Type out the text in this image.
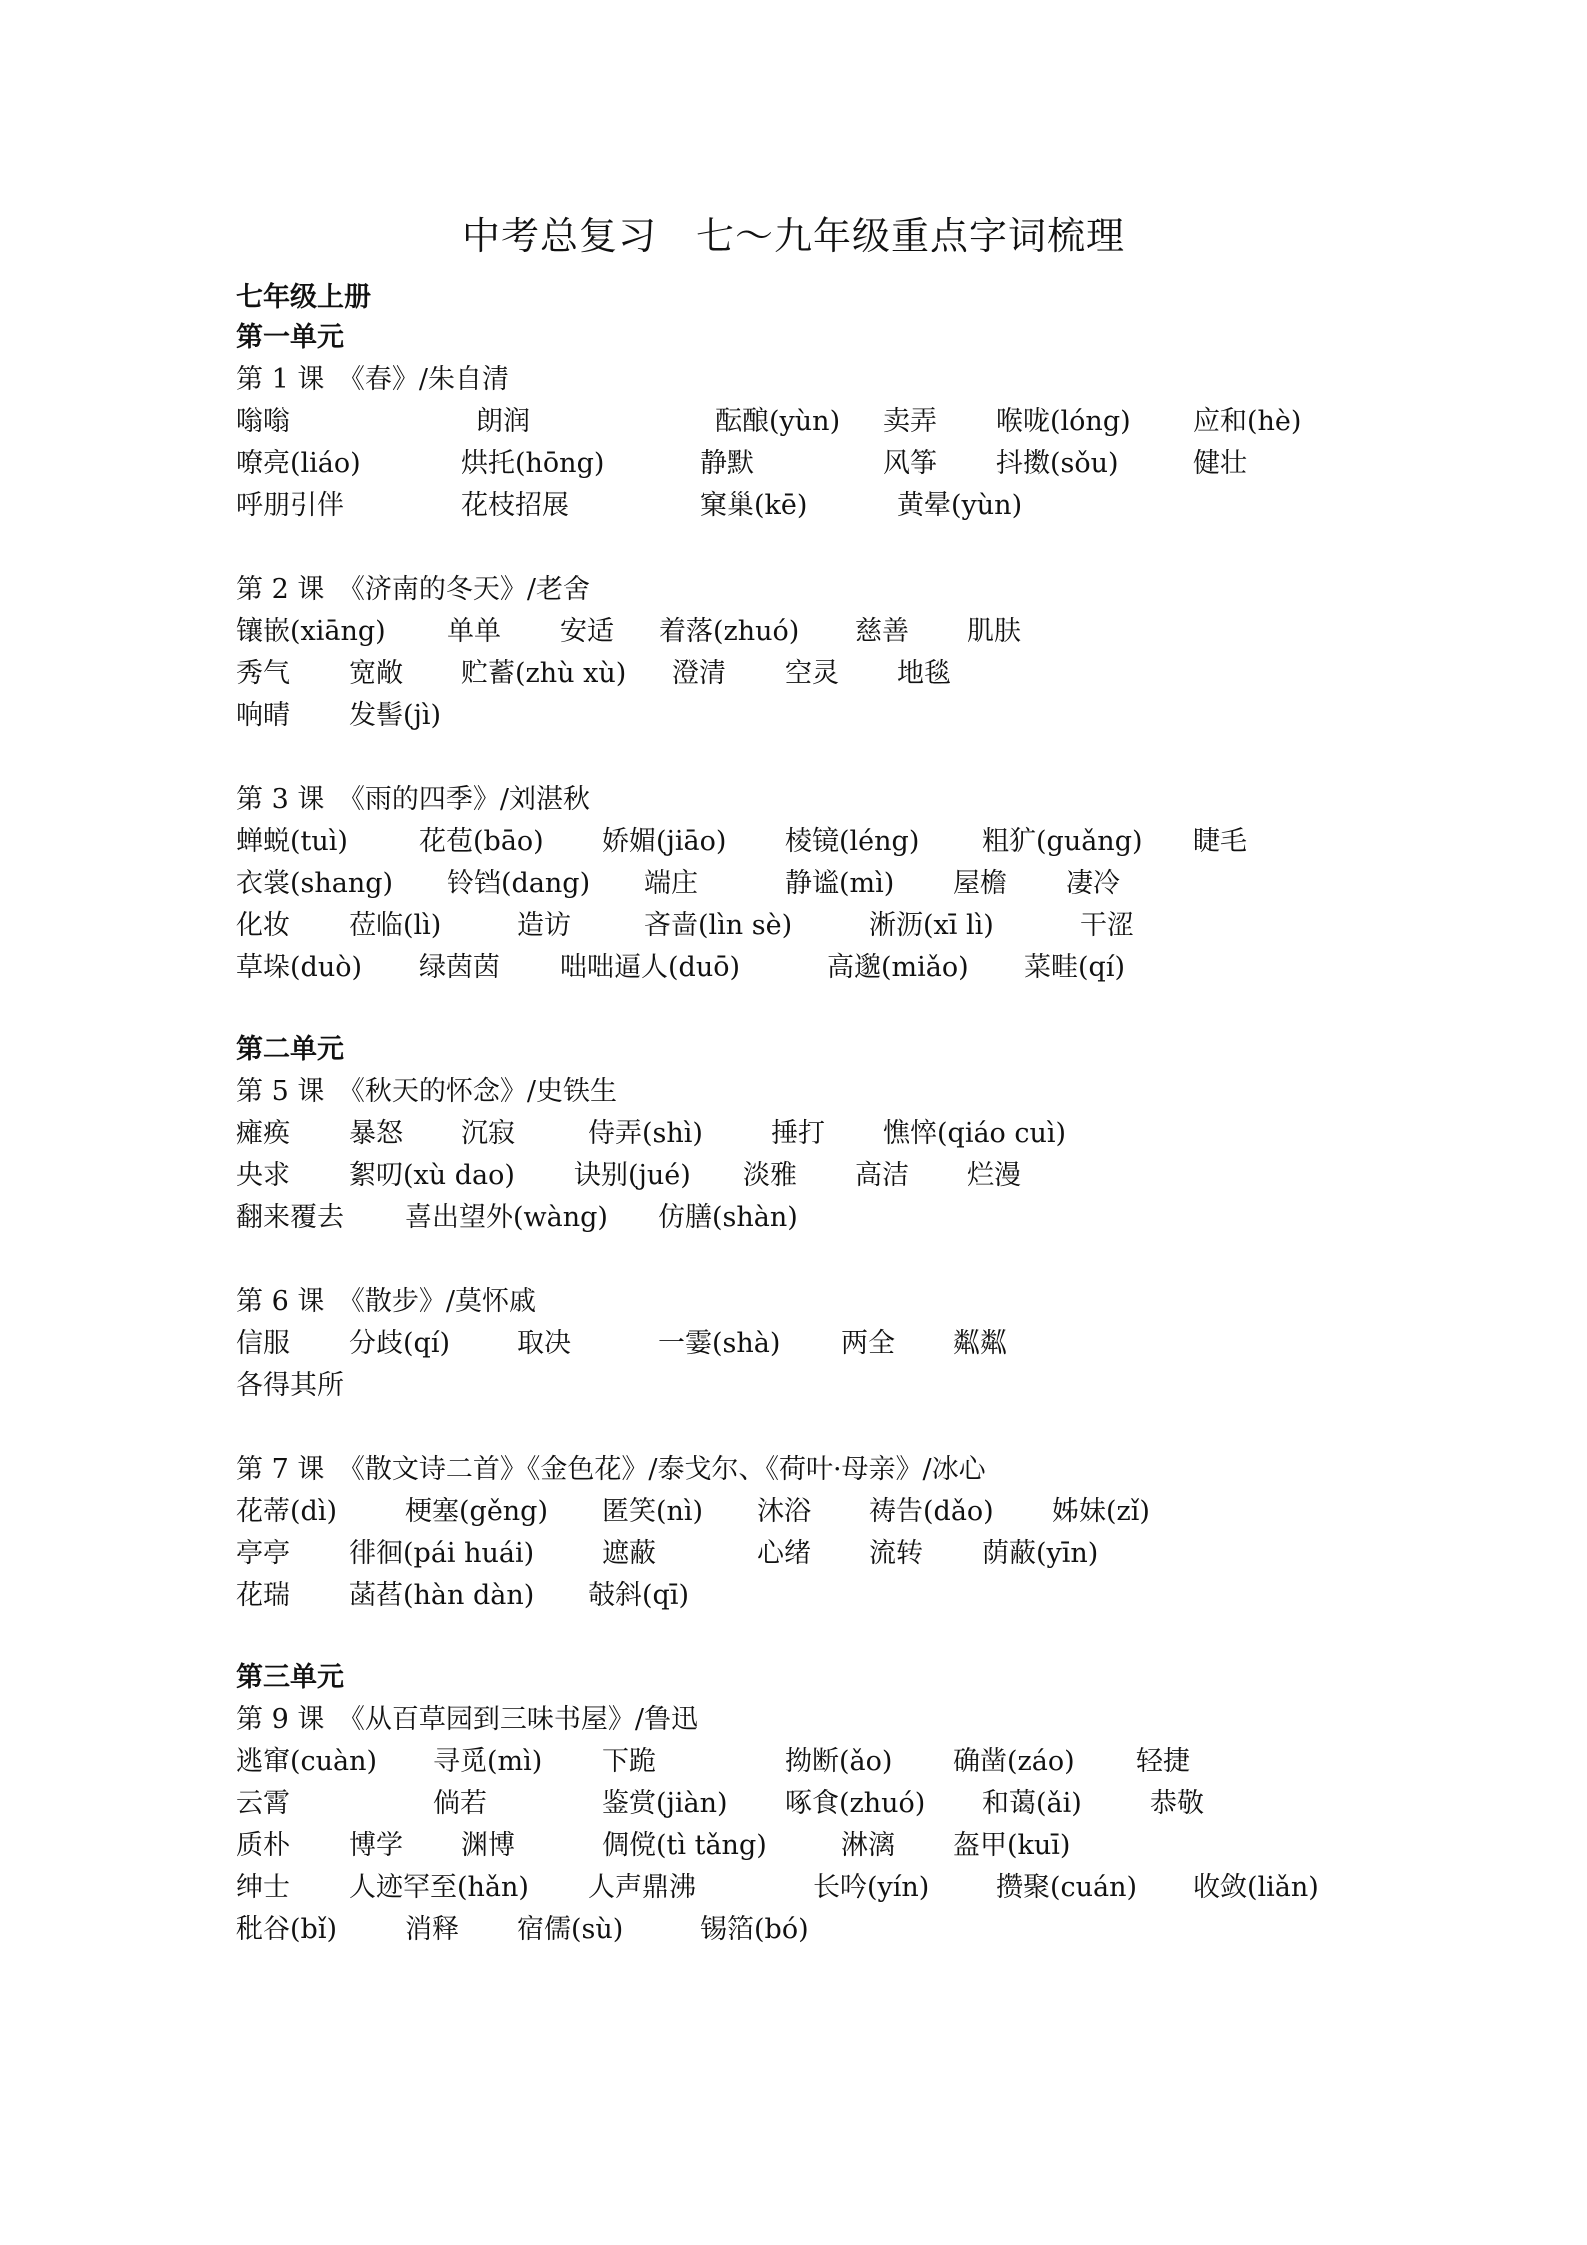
中考总复习　七～九年级重点字词梳理
七年级上册
第一单元
第 1 课　《春》/朱自清
嗡嗡	朗润	酝酿(yùn) 卖弄 喉咙(lóng) 应和(hè)
嘹亮(liáo)	烘托(hōng)	静默	风筝 抖擞(sǒu)	健壮
呼朋引伴	花枝招展	窠巢(kē)	黄晕(yùn)
第 2 课　《济南的冬天》/老舍
镶嵌(xiāng) 单单 安适 着落(zhuó) 慈善 肌肤
秀气 宽敞 贮蓄(zhù xù) 澄清 空灵 地毯
响晴 发髻(jì)
第 3 课　《雨的四季》/刘湛秋
蝉蜕(tuì)	花苞(bāo) 娇媚(jiāo) 棱镜(léng) 粗犷(guǎng) 睫毛
衣裳(shang) 铃铛(dang) 端庄	静谧(mì) 屋檐 凄冷
化妆 莅临(lì)	造访	吝啬(lìn sè)	淅沥(xī lì)	干涩
草垛(duò) 绿茵茵 咄咄逼人(duō)	高邈(miǎo) 菜畦(qí)
第二单元
第 5 课　《秋天的怀念》/史铁生
瘫痪 暴怒 沉寂	侍弄(shì)	捶打 憔悴(qiáo cuì)
央求 絮叨(xù dao) 诀别(jué) 淡雅 高洁 烂漫
翻来覆去 喜出望外(wàng) 仿膳(shàn)
第 6 课　《散步》/莫怀戚
信服 分歧(qí) 取决	一霎(shà) 两全 粼粼
各得其所
第 7 课　《散文诗二首》《金色花》/泰戈尔、《荷叶·母亲》/冰心
花蒂(dì)	梗塞(gěng) 匿笑(nì) 沐浴 祷告(dǎo) 姊妹(zǐ)
亭亭 徘徊(pái huái)	遮蔽	心绪 流转 荫蔽(yīn)
花瑞 菡萏(hàn dàn) 攲斜(qī)
第三单元
第 9 课　《从百草园到三味书屋》/鲁迅
逃窜(cuàn) 寻觅(mì) 下跪	拗断(ǎo) 确凿(záo) 轻捷
云霄	倘若	鉴赏(jiàn) 啄食(zhuó) 和蔼(ǎi)	恭敬
质朴 博学 渊博	倜傥(tì tǎng)	淋漓 盔甲(kuī)
绅士 人迹罕至(hǎn) 人声鼎沸	长吟(yín) 攒聚(cuán) 收敛(liǎn)
秕谷(bǐ)	消释 宿儒(sù)	锡箔(bó)
